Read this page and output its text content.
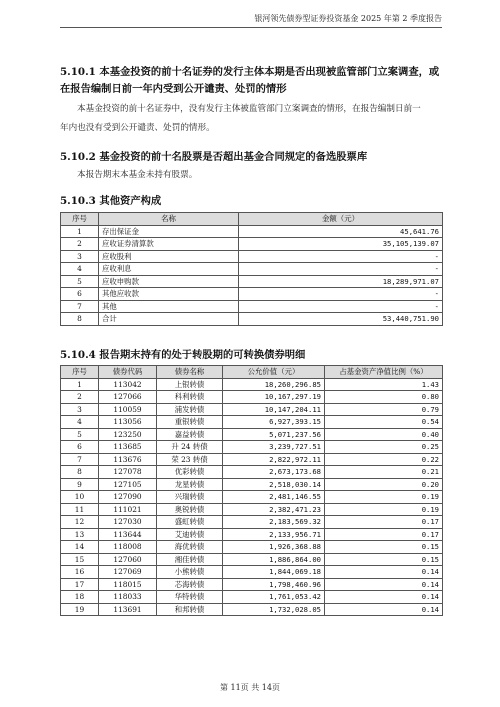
银河领先债券型证券投资基金 2025 年第 2 季度报告
5.10.1 本基金投资的前十名证券的发行主体本期是否出现被监管部门立案调查，或
在报告编制日前一年内受到公开谴责、处罚的情形
本基金投资的前十名证券中，没有发行主体被监管部门立案调查的情形，在报告编制日前一
年内也没有受到公开谴责、处罚的情形。
5.10.2 基金投资的前十名股票是否超出基金合同规定的备选股票库
本报告期末本基金未持有股票。
5.10.3 其他资产构成
序号	名称	金额（元）
1	存出保证金	45,641.76
2	应收证券清算款	35,105,139.07
3	应收股利	-
4	应收利息	-
5	应收申购款	18,289,971.07
6	其他应收款	-
7	其他	-
8	合计	53,440,751.90
5.10.4 报告期末持有的处于转股期的可转换债券明细
序号	债券代码	债券名称	公允价值（元）	占基金资产净值比例（%）
1	113042	上银转债	18,260,296.85	1.43
2	127066	科利转债	10,167,297.19	0.80
3	110059	浦发转债	10,147,204.11	0.79
4	113056	重银转债	6,927,393.15	0.54
5	123250	嘉益转债	5,071,237.56	0.40
6	113685	升 24 转债	3,239,727.51	0.25
7	113676	荣 23 转债	2,822,972.11	0.22
8	127078	优彩转债	2,673,173.68	0.21
9	127105	龙星转债	2,518,030.14	0.20
10	127090	兴瑞转债	2,481,146.55	0.19
11	111021	奥锐转债	2,382,471.23	0.19
12	127030	盛虹转债	2,183,569.32	0.17
13	113644	艾迪转债	2,133,956.71	0.17
14	118008	海优转债	1,926,368.88	0.15
15	127060	湘佳转债	1,886,864.00	0.15
16	127069	小熊转债	1,844,069.18	0.14
17	118015	芯海转债	1,798,460.96	0.14
18	118033	华特转债	1,761,053.42	0.14
19	113691	和邦转债	1,732,028.05	0.14
第 11页 共 14页
